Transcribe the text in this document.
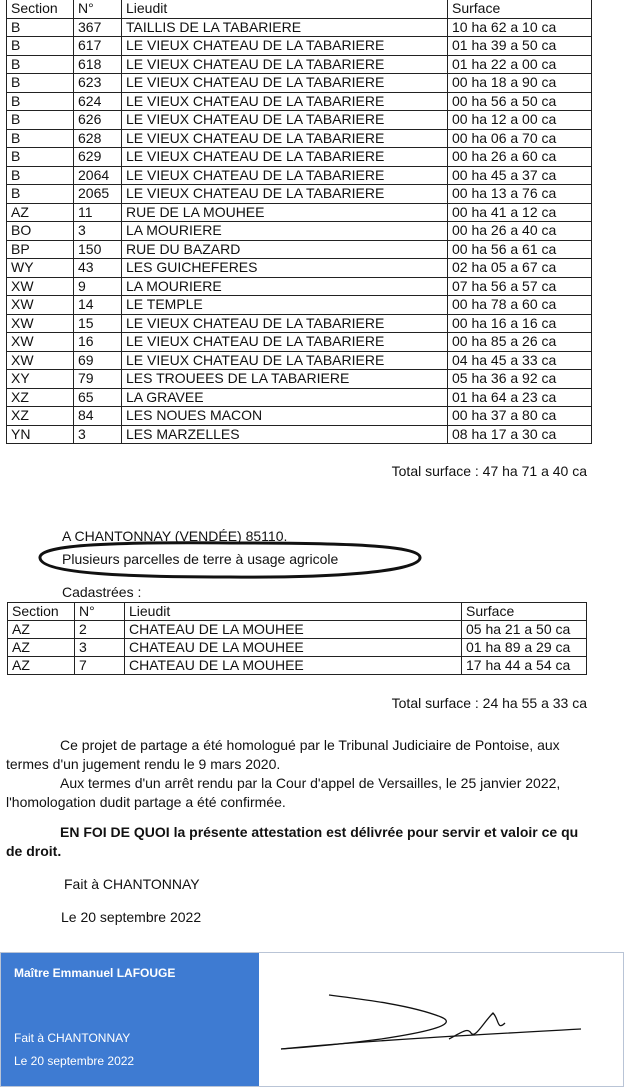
Section	N°	Lieudit	Surface
B	367	TAILLIS DE LA TABARIERE	10 ha 62 a 10 ca
B	617	LE VIEUX CHATEAU DE LA TABARIERE	01 ha 39 a 50 ca
B	618	LE VIEUX CHATEAU DE LA TABARIERE	01 ha 22 a 00 ca
B	623	LE VIEUX CHATEAU DE LA TABARIERE	00 ha 18 a 90 ca
B	624	LE VIEUX CHATEAU DE LA TABARIERE	00 ha 56 a 50 ca
B	626	LE VIEUX CHATEAU DE LA TABARIERE	00 ha 12 a 00 ca
B	628	LE VIEUX CHATEAU DE LA TABARIERE	00 ha 06 a 70 ca
B	629	LE VIEUX CHATEAU DE LA TABARIERE	00 ha 26 a 60 ca
B	2064	LE VIEUX CHATEAU DE LA TABARIERE	00 ha 45 a 37 ca
B	2065	LE VIEUX CHATEAU DE LA TABARIERE	00 ha 13 a 76 ca
AZ	11	RUE DE LA MOUHEE	00 ha 41 a 12 ca
BO	3	LA MOURIERE	00 ha 26 a 40 ca
BP	150	RUE DU BAZARD	00 ha 56 a 61 ca
WY	43	LES GUICHEFERES	02 ha 05 a 67 ca
XW	9	LA MOURIERE	07 ha 56 a 57 ca
XW	14	LE TEMPLE	00 ha 78 a 60 ca
XW	15	LE VIEUX CHATEAU DE LA TABARIERE	00 ha 16 a 16 ca
XW	16	LE VIEUX CHATEAU DE LA TABARIERE	00 ha 85 a 26 ca
XW	69	LE VIEUX CHATEAU DE LA TABARIERE	04 ha 45 a 33 ca
XY	79	LES TROUEES DE LA TABARIERE	05 ha 36 a 92 ca
XZ	65	LA GRAVEE	01 ha 64 a 23 ca
XZ	84	LES NOUES MACON	00 ha 37 a 80 ca
YN	3	LES MARZELLES	08 ha 17 a 30 ca
Total surface : 47 ha 71 a 40 ca
A CHANTONNAY (VENDÉE) 85110.
Plusieurs parcelles de terre à usage agricole
Cadastrées :
Section	N°	Lieudit	Surface
AZ	2	CHATEAU DE LA MOUHEE	05 ha 21 a 50 ca
AZ	3	CHATEAU DE LA MOUHEE	01 ha 89 a 29 ca
AZ	7	CHATEAU DE LA MOUHEE	17 ha 44 a 54 ca
Total surface : 24 ha 55 a 33 ca
Ce projet de partage a été homologué par le Tribunal Judiciaire de Pontoise, aux
termes d'un jugement rendu le 9 mars 2020.
Aux termes d'un arrêt rendu par la Cour d'appel de Versailles, le 25 janvier 2022,
l'homologation dudit partage a été confirmée.
EN FOI DE QUOI la présente attestation est délivrée pour servir et valoir ce qu
de droit.
Fait à CHANTONNAY
Le 20 septembre 2022
Maître Emmanuel LAFOUGE
Fait à CHANTONNAY
Le 20 septembre 2022
